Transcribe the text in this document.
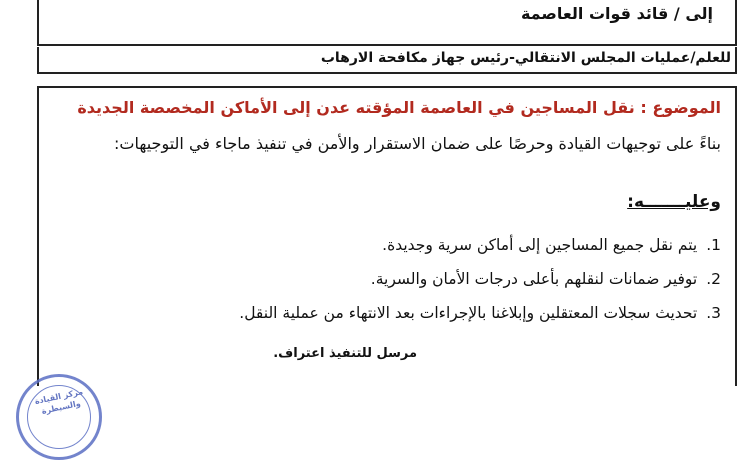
إلى / قائد قوات العاصمة
للعلم/عمليات المجلس الانتقالي-رئيس جهاز مكافحة الارهاب
الموضوع : نقل المساجين في العاصمة المؤقته عدن إلى الأماكن المخصصة الجديدة
بناءً على توجيهات القيادة وحرصًا على ضمان الاستقرار والأمن في تنفيذ ماجاء في التوجيهات:
وعليـــــــه:
1. يتم نقل جميع المساجين إلى أماكن سرية وجديدة.
2. توفير ضمانات لنقلهم بأعلى درجات الأمان والسرية.
3. تحديث سجلات المعتقلين وإبلاغنا بالإجراءات بعد الانتهاء من عملية النقل.
مرسل للتنفيذ اعتراف.
مركز القيادة والسيطرة
